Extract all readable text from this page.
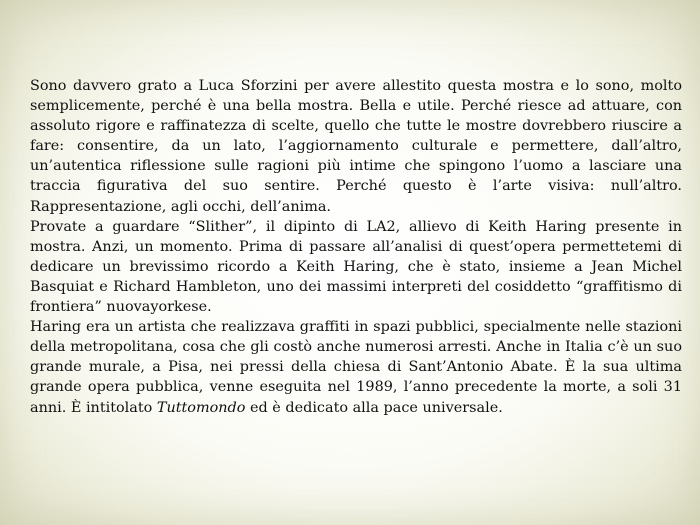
Sono davvero grato a Luca Sforzini per avere allestito questa mostra e lo sono, molto semplicemente, perché è una bella mostra. Bella e utile. Perché riesce ad attuare, con assoluto rigore e raffinatezza di scelte, quello che tutte le mostre dovrebbero riuscire a fare: consentire, da un lato, l’aggiornamento culturale e permettere, dall’altro, un’autentica riflessione sulle ragioni più intime che spingono l’uomo a lasciare una traccia figurativa del suo sentire. Perché questo è l’arte visiva: null’altro. Rappresentazione, agli occhi, dell’anima.

Provate a guardare “Slither”, il dipinto di LA2, allievo di Keith Haring presente in mostra. Anzi, un momento. Prima di passare all’analisi di quest’opera permettetemi di dedicare un brevissimo ricordo a Keith Haring, che è stato, insieme a Jean Michel Basquiat e Richard Hambleton, uno dei massimi interpreti del cosiddetto “graffitismo di frontiera” nuovayorkese.

Haring era un artista che realizzava graffiti in spazi pubblici, specialmente nelle stazioni della metropolitana, cosa che gli costò anche numerosi arresti. Anche in Italia c’è un suo grande murale, a Pisa, nei pressi della chiesa di Sant’Antonio Abate. È la sua ultima grande opera pubblica, venne eseguita nel 1989, l’anno precedente la morte, a soli 31 anni. È intitolato Tuttomondo ed è dedicato alla pace universale.
